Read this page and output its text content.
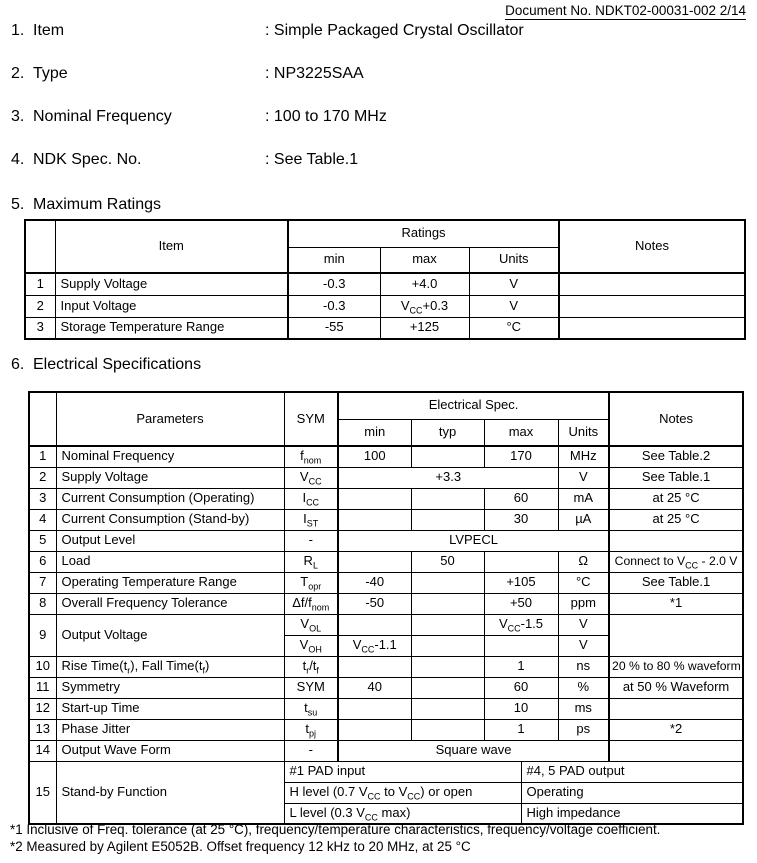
Document No. NDKT02-00031-002 2/14
1. Item	: Simple Packaged Crystal Oscillator
2. Type	: NP3225SAA
3. Nominal Frequency	: 100 to 170 MHz
4. NDK Spec. No.	: See Table.1
5. Maximum Ratings
	Item	Ratings			Notes
		min	max	Units	
1	Supply Voltage	-0.3	+4.0	V	
2	Input Voltage	-0.3	$V_{CC}+0.3$	V	
3	Storage Temperature Range	-55	+125	°C	
6. Electrical Specifications
	Parameters	SYM	Electrical Spec.					Notes
			min	typ	max		Units	
1	Nominal Frequency	$f_{nom}$	100		170		MHz	See Table.2
2	Supply Voltage	$V_{CC}$	+3.3				V	See Table.1
3	Current Consumption (Operating)	$I_{CC}$			60		mA	at 25 °C
4	Current Consumption (Stand-by)	$I_{ST}$			30		µA	at 25 °C
5	Output Level	-	LVPECL					
6	Load	$R_L$		50			Ω	Connect to $V_{CC} - 2.0$ V
7	Operating Temperature Range	$T_{opr}$	-40		+105		°C	See Table.1
8	Overall Frequency Tolerance	$\Delta f/f_{nom}$	-50		+50		ppm	*1
9	Output Voltage	$V_{OL}$			$V_{CC}-1.5$		V	
		$V_{OH}$	$V_{CC}-1.1$				V	
10	Rise $Time(t_r)$, Fall $Time(t_f)$	$t_r/t_f$			1		ns	20 % to 80 % waveform
11	Symmetry	SYM	40		60		%	at 50 % Waveform
12	Start-up Time	$t_{su}$			10		ms	
13	Phase Jitter	$t_{pj}$			1		ps	*2
14	Output Wave Form	-	Square wave					
15	Stand-by Function	#1 PAD input				#4, 5 PAD output		
		H level (0.7 $V_{CC}$ to $V_{CC}$) or open				Operating		
		L level (0.3 $V_{CC}$ max)				High impedance		
*1 Inclusive of Freq. tolerance (at 25 °C), frequency/temperature characteristics, frequency/voltage coefficient.
*2 Measured by Agilent E5052B. Offset frequency 12 kHz to 20 MHz, at 25 °C
